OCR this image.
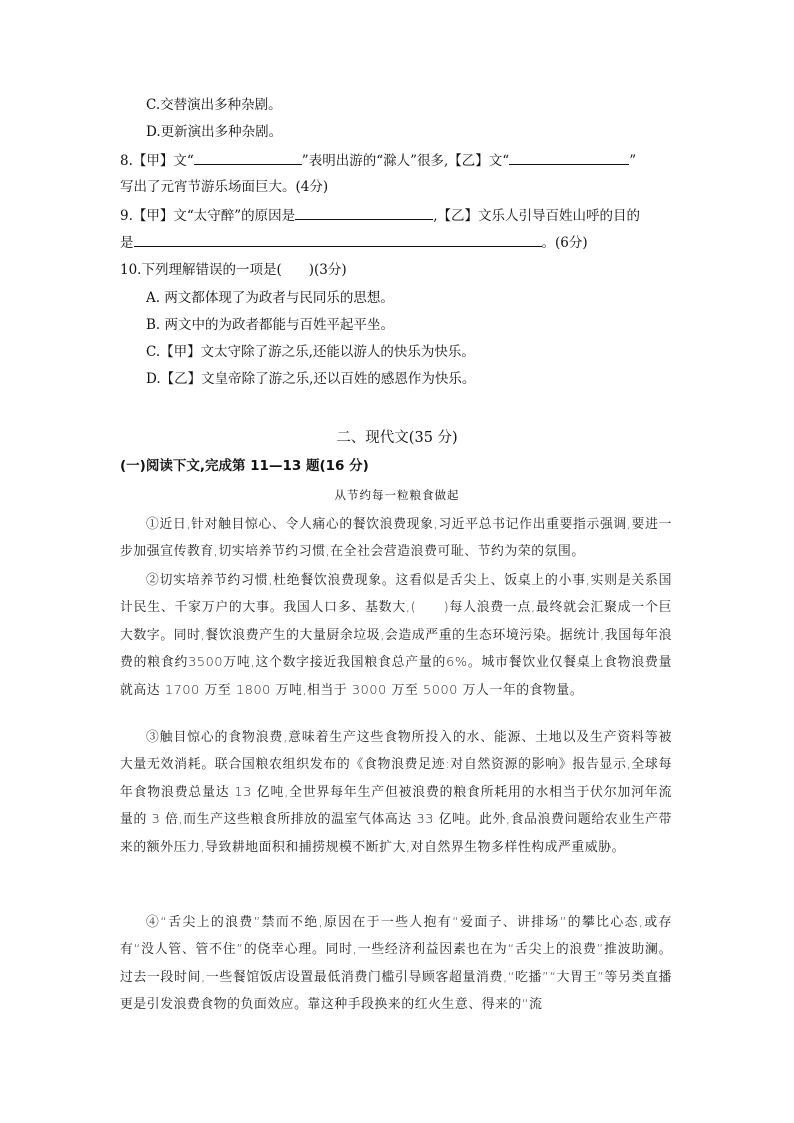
C.交替演出多种杂剧。
D.更新演出多种杂剧。
8.【甲】文“	”表明出游的“滁人”很多,【乙】文“	”
写出了元宵节游乐场面巨大。(4分)
9.【甲】文“太守醉”的原因是	,【乙】文乐人引导百姓山呼的目的
是	。(6分)
10.下列理解错误的一项是(　　)(3分)
A. 两文都体现了为政者与民同乐的思想。
B. 两文中的为政者都能与百姓平起平坐。
C.【甲】文太守除了游之乐,还能以游人的快乐为快乐。
D.【乙】文皇帝除了游之乐,还以百姓的感恩作为快乐。
二、现代文(35 分)
(一)阅读下文,完成第 11—13 题(16 分)
从节约每一粒粮食做起
①近日,针对触目惊心、令人痛心的餐饮浪费现象,习近平总书记作出重要指示强调,要进一步加强宣传教育,切实培养节约习惯,在全社会营造浪费可耻、节约为荣的氛围。
②切实培养节约习惯,杜绝餐饮浪费现象。这看似是舌尖上、饭桌上的小事,实则是关系国计民生、千家万户的大事。我国人口多、基数大,(　　)每人浪费一点,最终就会汇聚成一个巨大数字。同时,餐饮浪费产生的大量厨余垃圾,会造成严重的生态环境污染。据统计,我国每年浪费的粮食约3500万吨,这个数字接近我国粮食总产量的6%。城市餐饮业仅餐桌上食物浪费量就高达 1700 万至 1800 万吨,相当于 3000 万至 5000 万人一年的食物量。
③触目惊心的食物浪费,意味着生产这些食物所投入的水、能源、土地以及生产资料等被大量无效消耗。联合国粮农组织发布的《食物浪费足迹:对自然资源的影响》报告显示,全球每年食物浪费总量达 13 亿吨,全世界每年生产但被浪费的粮食所耗用的水相当于伏尔加河年流量的 3 倍,而生产这些粮食所排放的温室气体高达 33 亿吨。此外,食品浪费问题给农业生产带来的额外压力,导致耕地面积和捕捞规模不断扩大,对自然界生物多样性构成严重威胁。
④“舌尖上的浪费”禁而不绝,原因在于一些人抱有“爱面子、讲排场”的攀比心态,或存有“没人管、管不住”的侥幸心理。同时,一些经济利益因素也在为“舌尖上的浪费”推波助澜。过去一段时间,一些餐馆饭店设置最低消费门槛引导顾客超量消费,“吃播”“大胃王”等另类直播更是引发浪费食物的负面效应。靠这种手段换来的红火生意、得来的“流
